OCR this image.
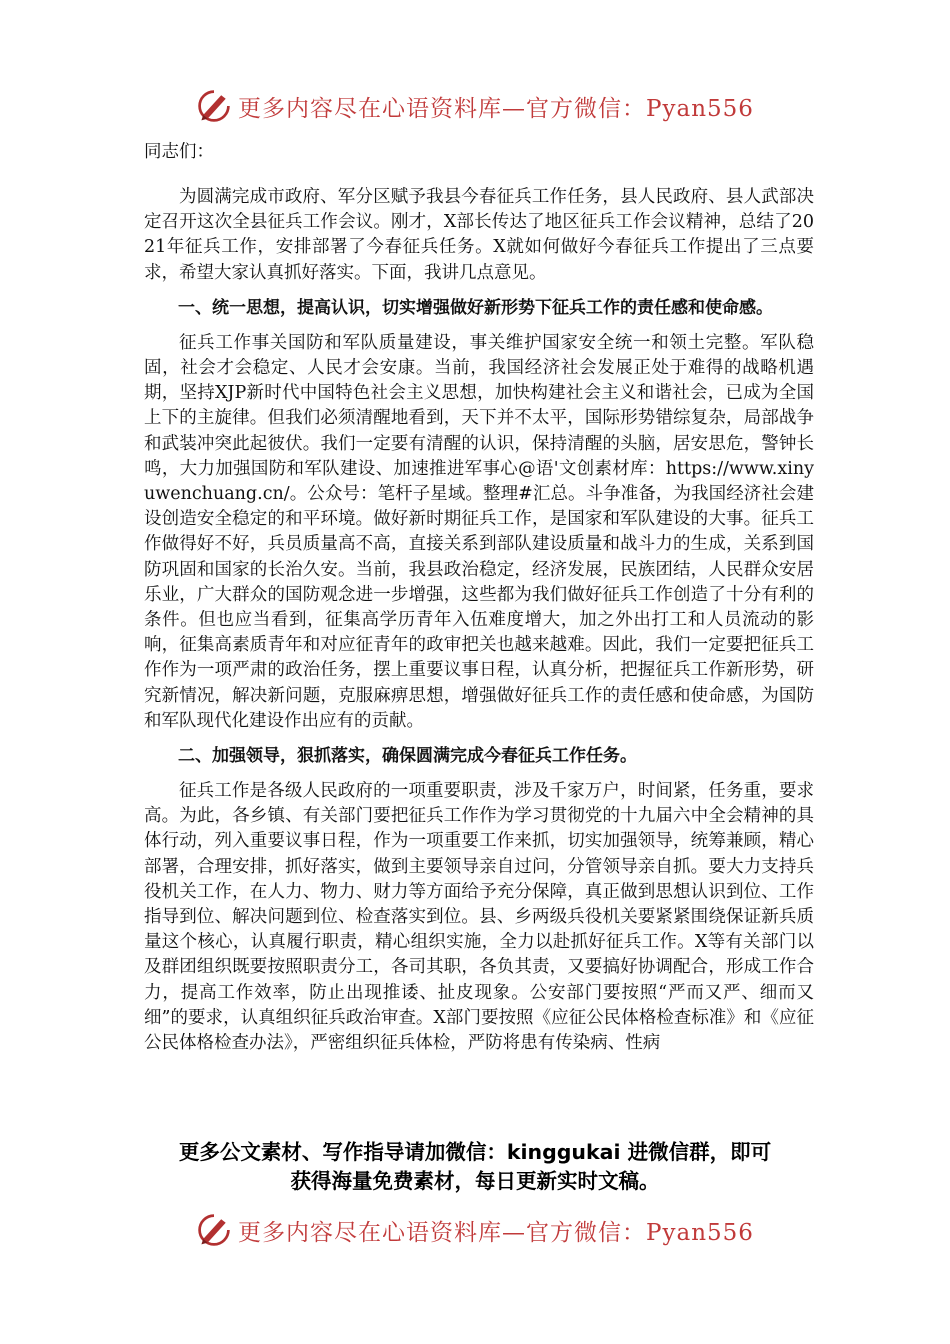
更多内容尽在心语资料库—官方微信：Pyan556
同志们：

为圆满完成市政府、军分区赋予我县今春征兵工作任务，县人民政府、县人武部决定召开这次全县征兵工作会议。刚才，X部长传达了地区征兵工作会议精神，总结了2021年征兵工作，安排部署了今春征兵任务。X就如何做好今春征兵工作提出了三点要求，希望大家认真抓好落实。下面，我讲几点意见。

一、统一思想，提高认识，切实增强做好新形势下征兵工作的责任感和使命感。

征兵工作事关国防和军队质量建设，事关维护国家安全统一和领土完整。军队稳固，社会才会稳定、人民才会安康。当前，我国经济社会发展正处于难得的战略机遇期，坚持XJP新时代中国特色社会主义思想，加快构建社会主义和谐社会，已成为全国上下的主旋律。但我们必须清醒地看到，天下并不太平，国际形势错综复杂，局部战争和武装冲突此起彼伏。我们一定要有清醒的认识，保持清醒的头脑，居安思危，警钟长鸣，大力加强国防和军队建设、加速推进军事心@语'文创素材库：https://www.xinyuwenchuang.cn/。公众号：笔杆子星域。整理#汇总。斗争准备，为我国经济社会建设创造安全稳定的和平环境。做好新时期征兵工作，是国家和军队建设的大事。征兵工作做得好不好，兵员质量高不高，直接关系到部队建设质量和战斗力的生成，关系到国防巩固和国家的长治久安。当前，我县政治稳定，经济发展，民族团结，人民群众安居乐业，广大群众的国防观念进一步增强，这些都为我们做好征兵工作创造了十分有利的条件。但也应当看到，征集高学历青年入伍难度增大，加之外出打工和人员流动的影响，征集高素质青年和对应征青年的政审把关也越来越难。因此，我们一定要把征兵工作作为一项严肃的政治任务，摆上重要议事日程，认真分析，把握征兵工作新形势，研究新情况，解决新问题，克服麻痹思想，增强做好征兵工作的责任感和使命感，为国防和军队现代化建设作出应有的贡献。

二、加强领导，狠抓落实，确保圆满完成今春征兵工作任务。

征兵工作是各级人民政府的一项重要职责，涉及千家万户，时间紧，任务重，要求高。为此，各乡镇、有关部门要把征兵工作作为学习贯彻党的十九届六中全会精神的具体行动，列入重要议事日程，作为一项重要工作来抓，切实加强领导，统筹兼顾，精心部署，合理安排，抓好落实，做到主要领导亲自过问，分管领导亲自抓。要大力支持兵役机关工作，在人力、物力、财力等方面给予充分保障，真正做到思想认识到位、工作指导到位、解决问题到位、检查落实到位。县、乡两级兵役机关要紧紧围绕保证新兵质量这个核心，认真履行职责，精心组织实施，全力以赴抓好征兵工作。X等有关部门以及群团组织既要按照职责分工，各司其职，各负其责，又要搞好协调配合，形成工作合力，提高工作效率，防止出现推诿、扯皮现象。公安部门要按照“严而又严、细而又细”的要求，认真组织征兵政治审查。X部门要按照《应征公民体格检查标准》和《应征公民体格检查办法》，严密组织征兵体检，严防将患有传染病、性病

更多公文素材、写作指导请加微信：kinggukai 进微信群，即可
获得海量免费素材，每日更新实时文稿。
更多内容尽在心语资料库—官方微信：Pyan556
